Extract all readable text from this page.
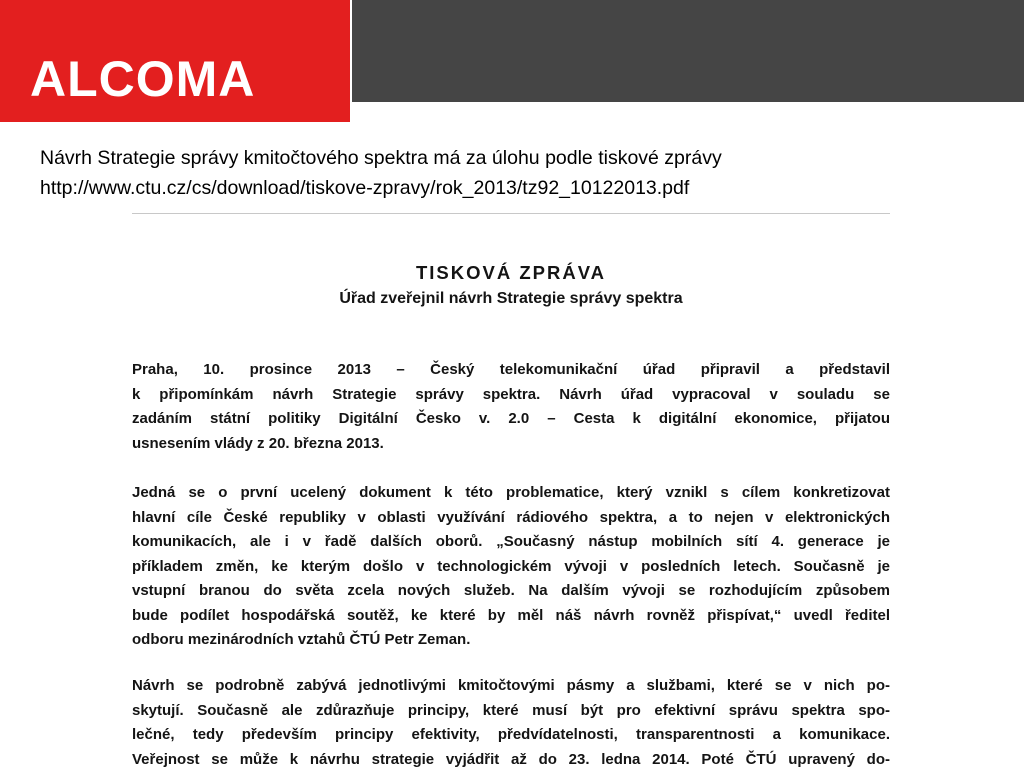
ALCOMA
Návrh Strategie správy kmitočtového spektra má za úlohu podle tiskové zprávy
http://www.ctu.cz/cs/download/tiskove-zpravy/rok_2013/tz92_10122013.pdf
TISKOVÁ ZPRÁVA
Úřad zveřejnil návrh Strategie správy spektra

Praha, 10. prosince 2013 – Český telekomunikační úřad připravil a představil
k připomínkám návrh Strategie správy spektra. Návrh úřad vypracoval v souladu se
zadáním státní politiky Digitální Česko v. 2.0 – Cesta k digitální ekonomice, přijatou
usnesením vlády z 20. března 2013.

Jedná se o první ucelený dokument k této problematice, který vznikl s cílem konkretizovat
hlavní cíle České republiky v oblasti využívání rádiového spektra, a to nejen v elektronických
komunikacích, ale i v řadě dalších oborů. „Současný nástup mobilních sítí 4. generace je
příkladem změn, ke kterým došlo v technologickém vývoji v posledních letech. Současně je
vstupní branou do světa zcela nových služeb. Na dalším vývoji se rozhodujícím způsobem
bude podílet hospodářská soutěž, ke které by měl náš návrh rovněž přispívat,“ uvedl ředitel
odboru mezinárodních vztahů ČTÚ Petr Zeman.

Návrh se podrobně zabývá jednotlivými kmitočtovými pásmy a službami, které se v nich po-
skytují. Současně ale zdůrazňuje principy, které musí být pro efektivní správu spektra spo-
lečné, tedy především principy efektivity, předvídatelnosti, transparentnosti a komunikace.
Veřejnost se může k návrhu strategie vyjádřit až do 23. ledna 2014. Poté ČTÚ upravený do-
